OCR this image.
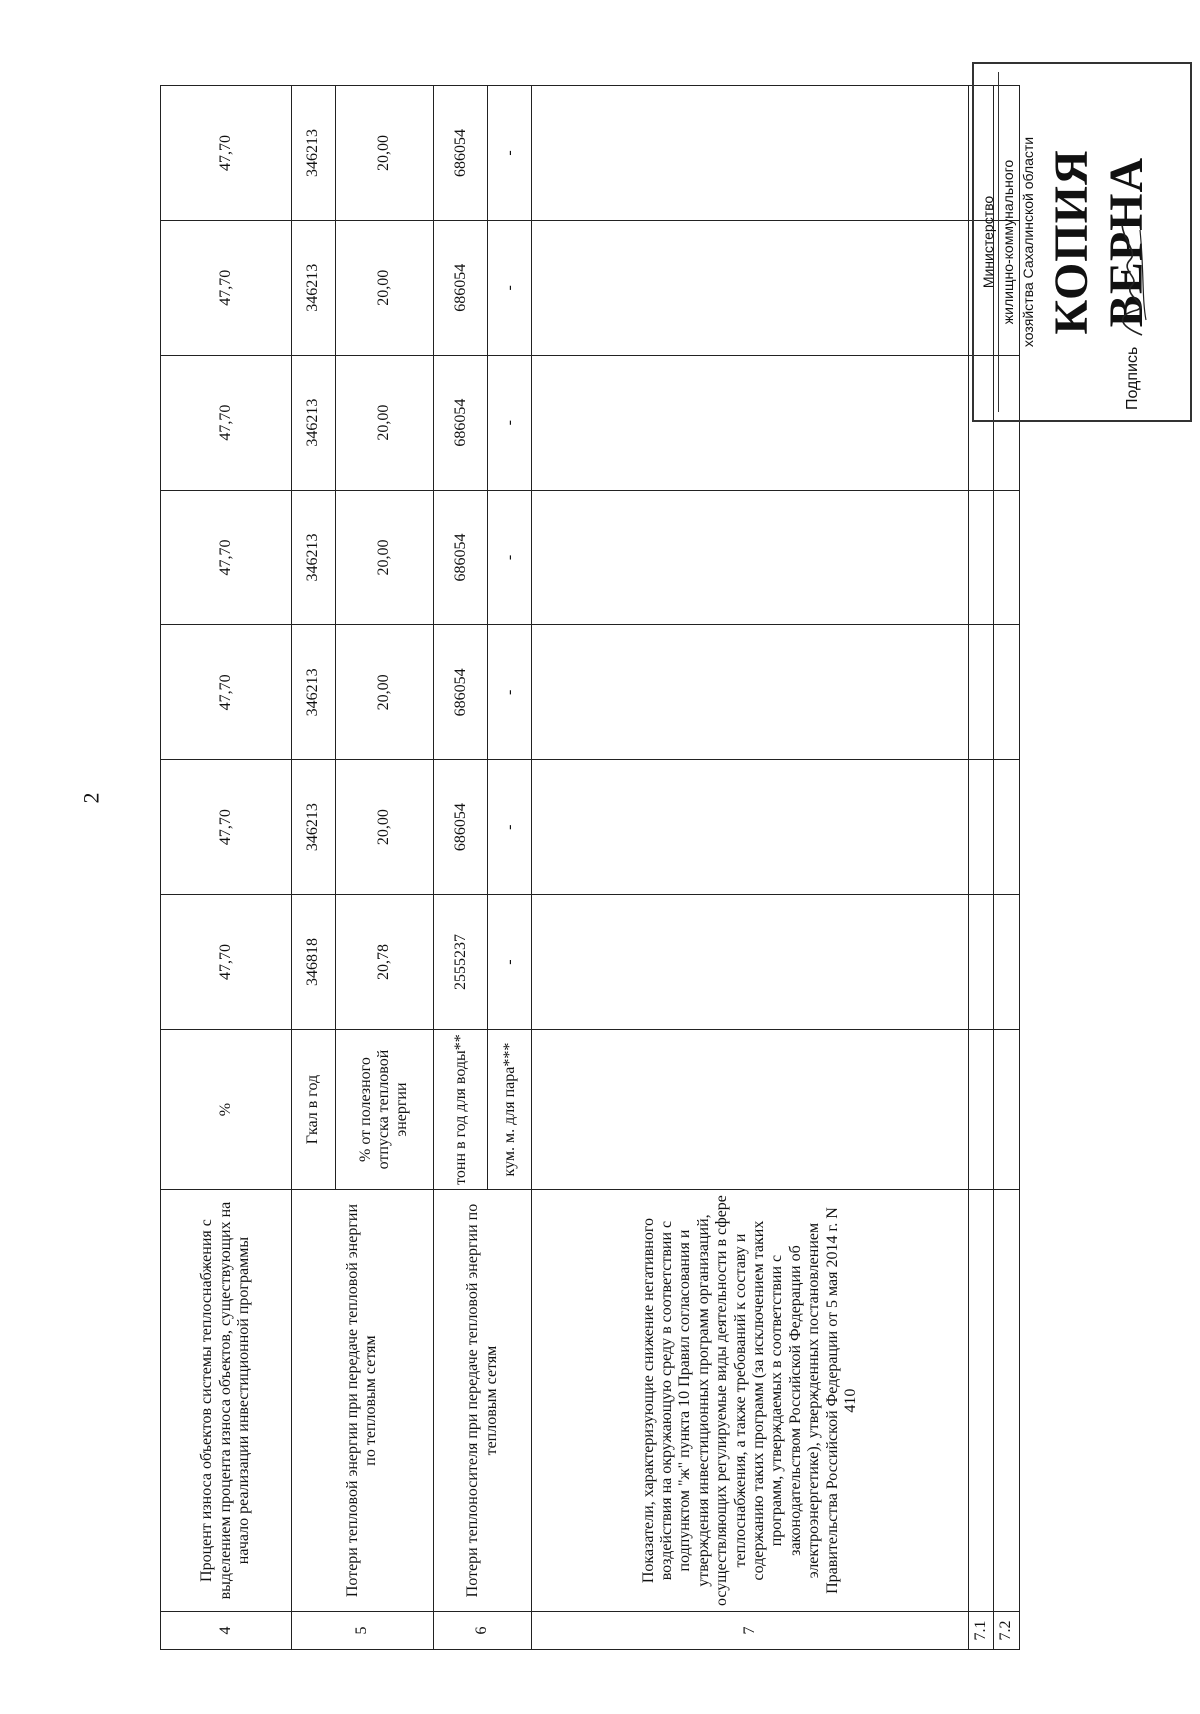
2
4	Процент износа объектов системы теплоснабжения с выделением процента износа объектов, существующих на начало реализации инвестиционной программы	%	47,70	47,70	47,70	47,70	47,70	47,70	47,70
5	Потери тепловой энергии при передаче тепловой энергии по тепловым сетям	Гкал в год	346818	346213	346213	346213	346213	346213	346213
		% от полезного отпуска тепловой энергии	20,78	20,00	20,00	20,00	20,00	20,00	20,00
6	Потери теплоносителя при передаче тепловой энергии по тепловым сетям	тонн в год для воды**	2555237	686054	686054	686054	686054	686054	686054
		кум. м. для пара***	-	-	-	-	-	-	-
7	Показатели, характеризующие снижение негативного воздействия на окружающую среду в соответствии с подпунктом "ж" пункта 10 Правил согласования и утверждения инвестиционных программ организаций, осуществляющих регулируемые виды деятельности в сфере теплоснабжения, а также требований к составу и содержанию таких программ (за исключением таких программ, утверждаемых в соответствии с законодательством Российской Федерации об электроэнергетике), утвержденных постановлением Правительства Российской Федерации от 5 мая 2014 г. N 410								
7.1									
7.2									
Министерство жилищно-коммунального хозяйства Сахалинской области КОПИЯ ВЕРНА
Подпись
